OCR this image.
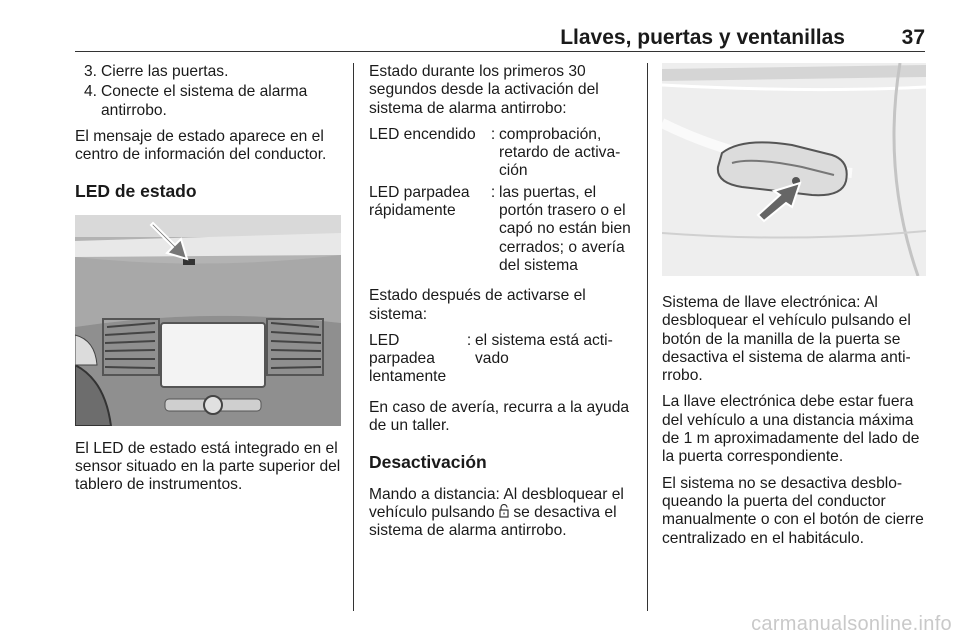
Llaves, puertas y ventanillas	37
3. Cierre las puertas.
4. Conecte el sistema de alarma antirrobo.

El mensaje de estado aparece en el centro de información del conductor.

LED de estado

El LED de estado está integrado en el sensor situado en la parte superior del tablero de instrumentos.

Estado durante los primeros 30 segundos desde la activación del sistema de alarma antirrobo:

LED encendido : comprobación, retardo de activa-ción
LED parpadea rápidamente
: las puertas, el portón trasero o el capó no están bien cerrados; o avería del sistema

Estado después de activarse el sistema:

LED parpadea lentamente
: el sistema está acti-vado

En caso de avería, recurra a la ayuda de un taller.

Desactivación

Mando a distancia: Al desbloquear el vehículo pulsando  se desactiva el sistema de alarma antirrobo.

Sistema de llave electrónica: Al desbloquear el vehículo pulsando el botón de la manilla de la puerta se desactiva el sistema de alarma anti-rrobo.

La llave electrónica debe estar fuera del vehículo a una distancia máxima de 1 m aproximadamente del lado de la puerta correspondiente.

El sistema no se desactiva desblo-queando la puerta del conductor manualmente o con el botón de cierre centralizado en el habitáculo.

carmanualsonline.info
